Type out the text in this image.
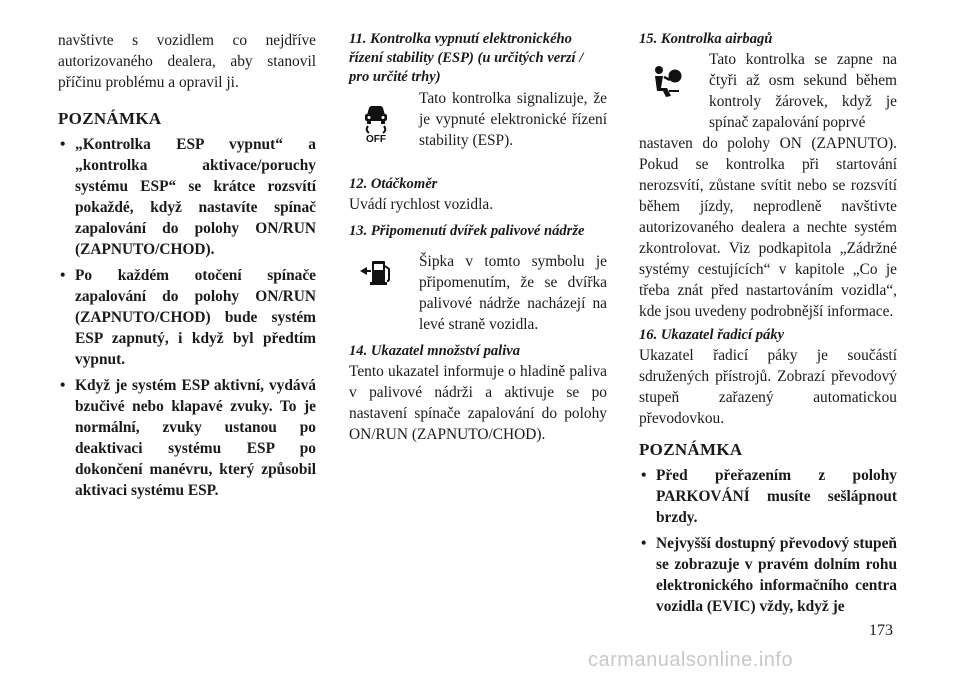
navštivte s vozidlem co nejdříve autorizovaného dealera, aby stanovil příčinu problému a opravil ji.

POZNÁMKA
• „Kontrolka ESP vypnut“ a „kontrolka aktivace/poruchy systému ESP“ se krátce rozsvítí pokaždé, když nastavíte spínač zapalování do polohy ON/RUN (ZAPNUTO/CHOD).
• Po každém otočení spínače zapalování do polohy ON/RUN (ZAPNUTO/CHOD) bude systém ESP zapnutý, i když byl předtím vypnut.
• Když je systém ESP aktivní, vydává bzučivé nebo klapavé zvuky. To je normální, zvuky ustanou po deaktivaci systému ESP po dokončení manévru, který způsobil aktivaci systému ESP.

11. Kontrolka vypnutí elektronického řízení stability (ESP) (u určitých verzí / pro určité trhy)

OFF

Tato kontrolka signalizuje, že je vypnuté elektronické řízení stability (ESP).

12. Otáčkoměr

Uvádí rychlost vozidla.

13. Připomenutí dvířek palivové nádrže

Šipka v tomto symbolu je připomenutím, že se dvířka palivové nádrže nacházejí na levé straně vozidla.

14. Ukazatel množství paliva

Tento ukazatel informuje o hladině paliva v palivové nádrži a aktivuje se po nastavení spínače zapalování do polohy ON/RUN (ZAPNUTO/CHOD).

15. Kontrolka airbagů

Tato kontrolka se zapne na čtyři až osm sekund během kontroly žárovek, když je spínač zapalování poprvé

nastaven do polohy ON (ZAPNUTO). Pokud se kontrolka při startování nerozsvítí, zůstane svítit nebo se rozsvítí během jízdy, neprodleně navštivte autorizovaného dealera a nechte systém zkontrolovat. Viz podkapitola „Zádržné systémy cestujících“ v kapitole „Co je třeba znát před nastartováním vozidla“, kde jsou uvedeny podrobnější informace.

16. Ukazatel řadicí páky

Ukazatel řadicí páky je součástí sdružených přístrojů. Zobrazí převodový stupeň zařazený automatickou převodovkou.

POZNÁMKA
• Před přeřazením z polohy PARKOVÁNÍ musíte sešlápnout brzdy.
• Nejvyšší dostupný převodový stupeň se zobrazuje v pravém dolním rohu elektronického informačního centra vozidla (EVIC) vždy, když je
173
carmanualsonline.info
